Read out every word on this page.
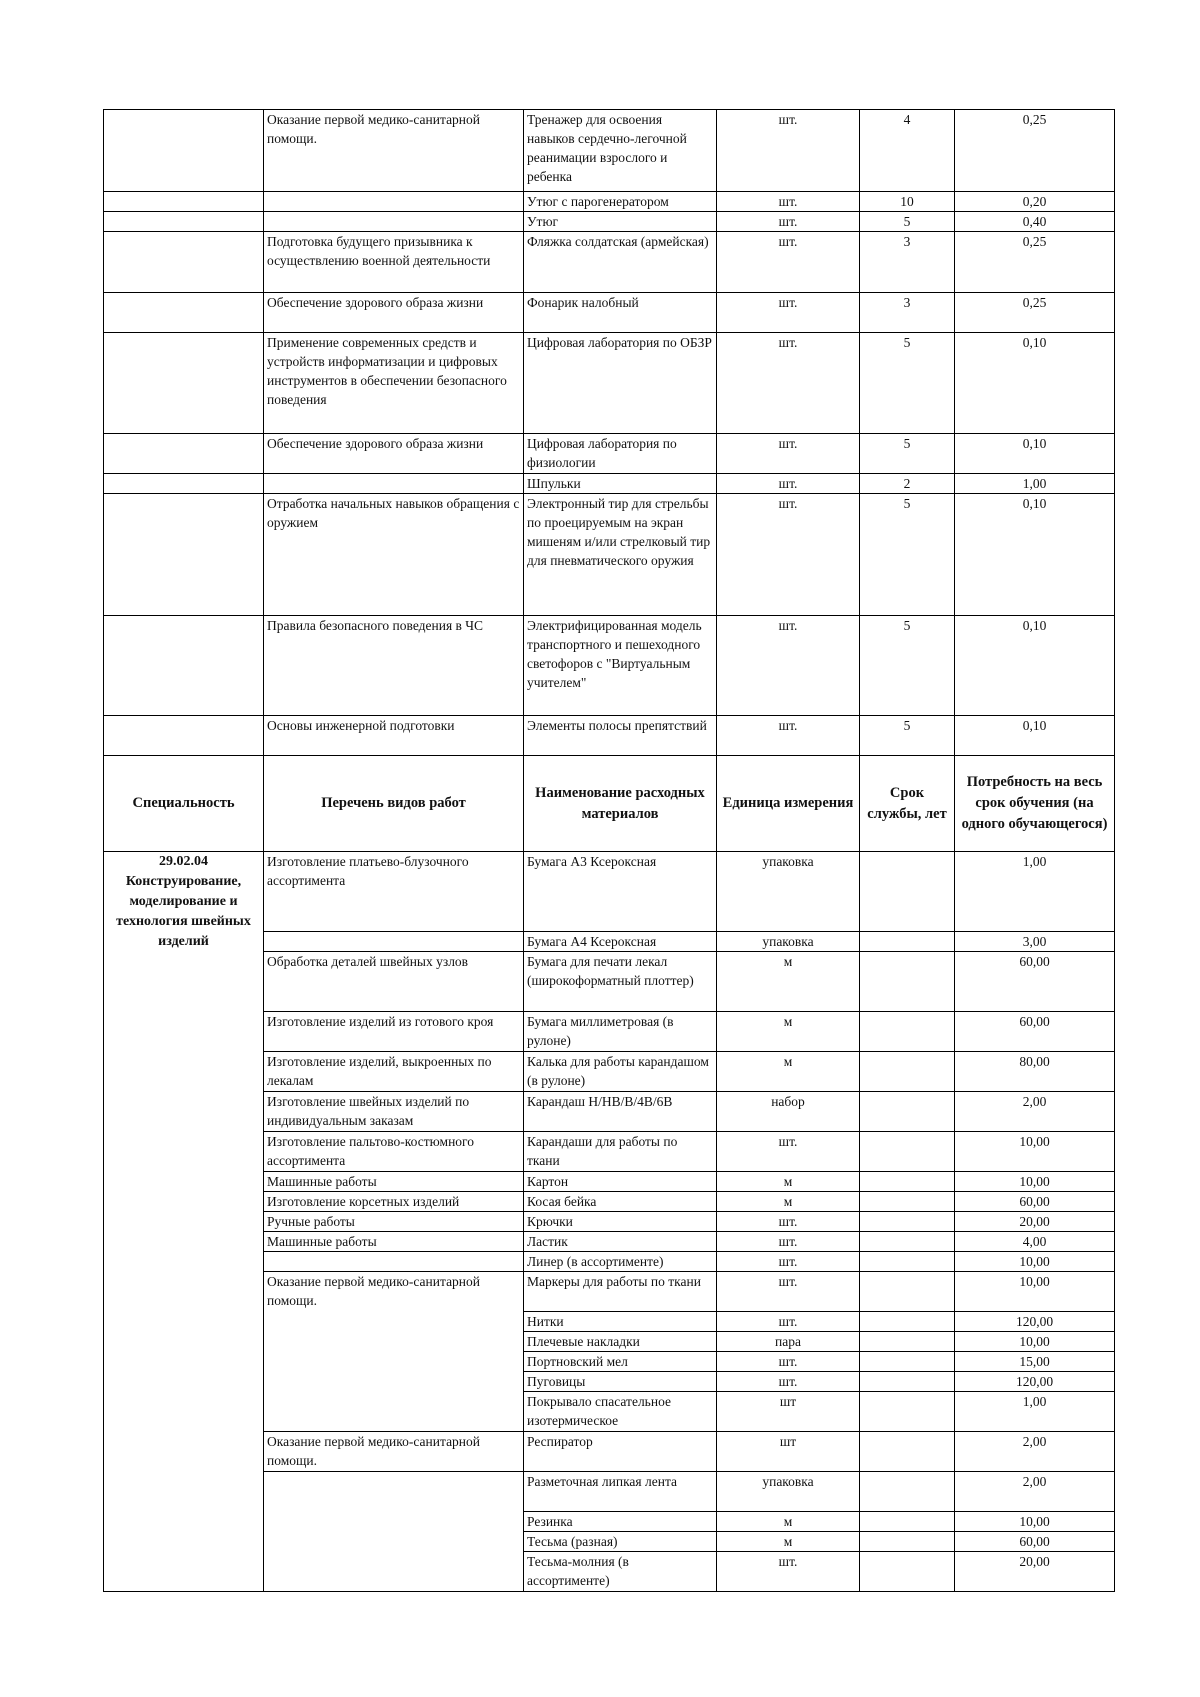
	Оказание первой медико-санитарной помощи.	Тренажер для освоения навыков сердечно-легочной реанимации взрослого и ребенка	шт.	4	0,25
		Утюг с парогенератором	шт.	10	0,20
		Утюг	шт.	5	0,40
	Подготовка будущего призывника к осуществлению военной деятельности	Фляжка солдатская (армейская)	шт.	3	0,25
	Обеспечение здорового образа жизни	Фонарик налобный	шт.	3	0,25
	Применение современных средств и устройств информатизации и цифровых инструментов в обеспечении безопасного поведения	Цифровая лаборатория по ОБЗР	шт.	5	0,10
	Обеспечение здорового образа жизни	Цифровая лаборатория по физиологии	шт.	5	0,10
		Шпульки	шт.	2	1,00
	Отработка начальных навыков обращения с оружием	Электронный тир для стрельбы по проецируемым на экран мишеням и/или стрелковый тир для пневматического оружия	шт.	5	0,10
	Правила безопасного поведения в ЧС	Электрифицированная модель транспортного и пешеходного светофоров с "Виртуальным учителем"	шт.	5	0,10
	Основы инженерной подготовки	Элементы полосы препятствий	шт.	5	0,10
Специальность	Перечень видов работ	Наименование расходных материалов	Единица измерения	Срок службы, лет	Потребность на весь срок обучения (на одного обучающегося)
29.02.04 Конструирование, моделирование и технология швейных изделий	Изготовление платьево-блузочного ассортимента	Бумага А3 Ксероксная	упаковка		1,00
		Бумага А4 Ксероксная	упаковка		3,00
	Обработка деталей швейных узлов	Бумага для печати лекал (широкоформатный плоттер)	м		60,00
	Изготовление изделий из готового кроя	Бумага миллиметровая (в рулоне)	м		60,00
	Изготовление изделий, выкроенных по лекалам	Калька для работы карандашом (в рулоне)	м		80,00
	Изготовление швейных изделий по индивидуальным заказам	Карандаш H/HB/B/4B/6B	набор		2,00
	Изготовление пальтово-костюмного ассортимента	Карандаши для работы по ткани	шт.		10,00
	Машинные работы	Картон	м		10,00
	Изготовление корсетных изделий	Косая бейка	м		60,00
	Ручные работы	Крючки	шт.		20,00
	Машинные работы	Ластик	шт.		4,00
		Линер (в ассортименте)	шт.		10,00
	Оказание первой медико-санитарной помощи.	Маркеры для работы по ткани	шт.		10,00
		Нитки	шт.		120,00
		Плечевые накладки	пара		10,00
		Портновский мел	шт.		15,00
		Пуговицы	шт.		120,00
		Покрывало спасательное изотермическое	шт		1,00
	Оказание первой медико-санитарной помощи.	Респиратор	шт		2,00
		Разметочная липкая лента	упаковка		2,00
		Резинка	м		10,00
		Тесьма (разная)	м		60,00
		Тесьма-молния (в ассортименте)	шт.		20,00
